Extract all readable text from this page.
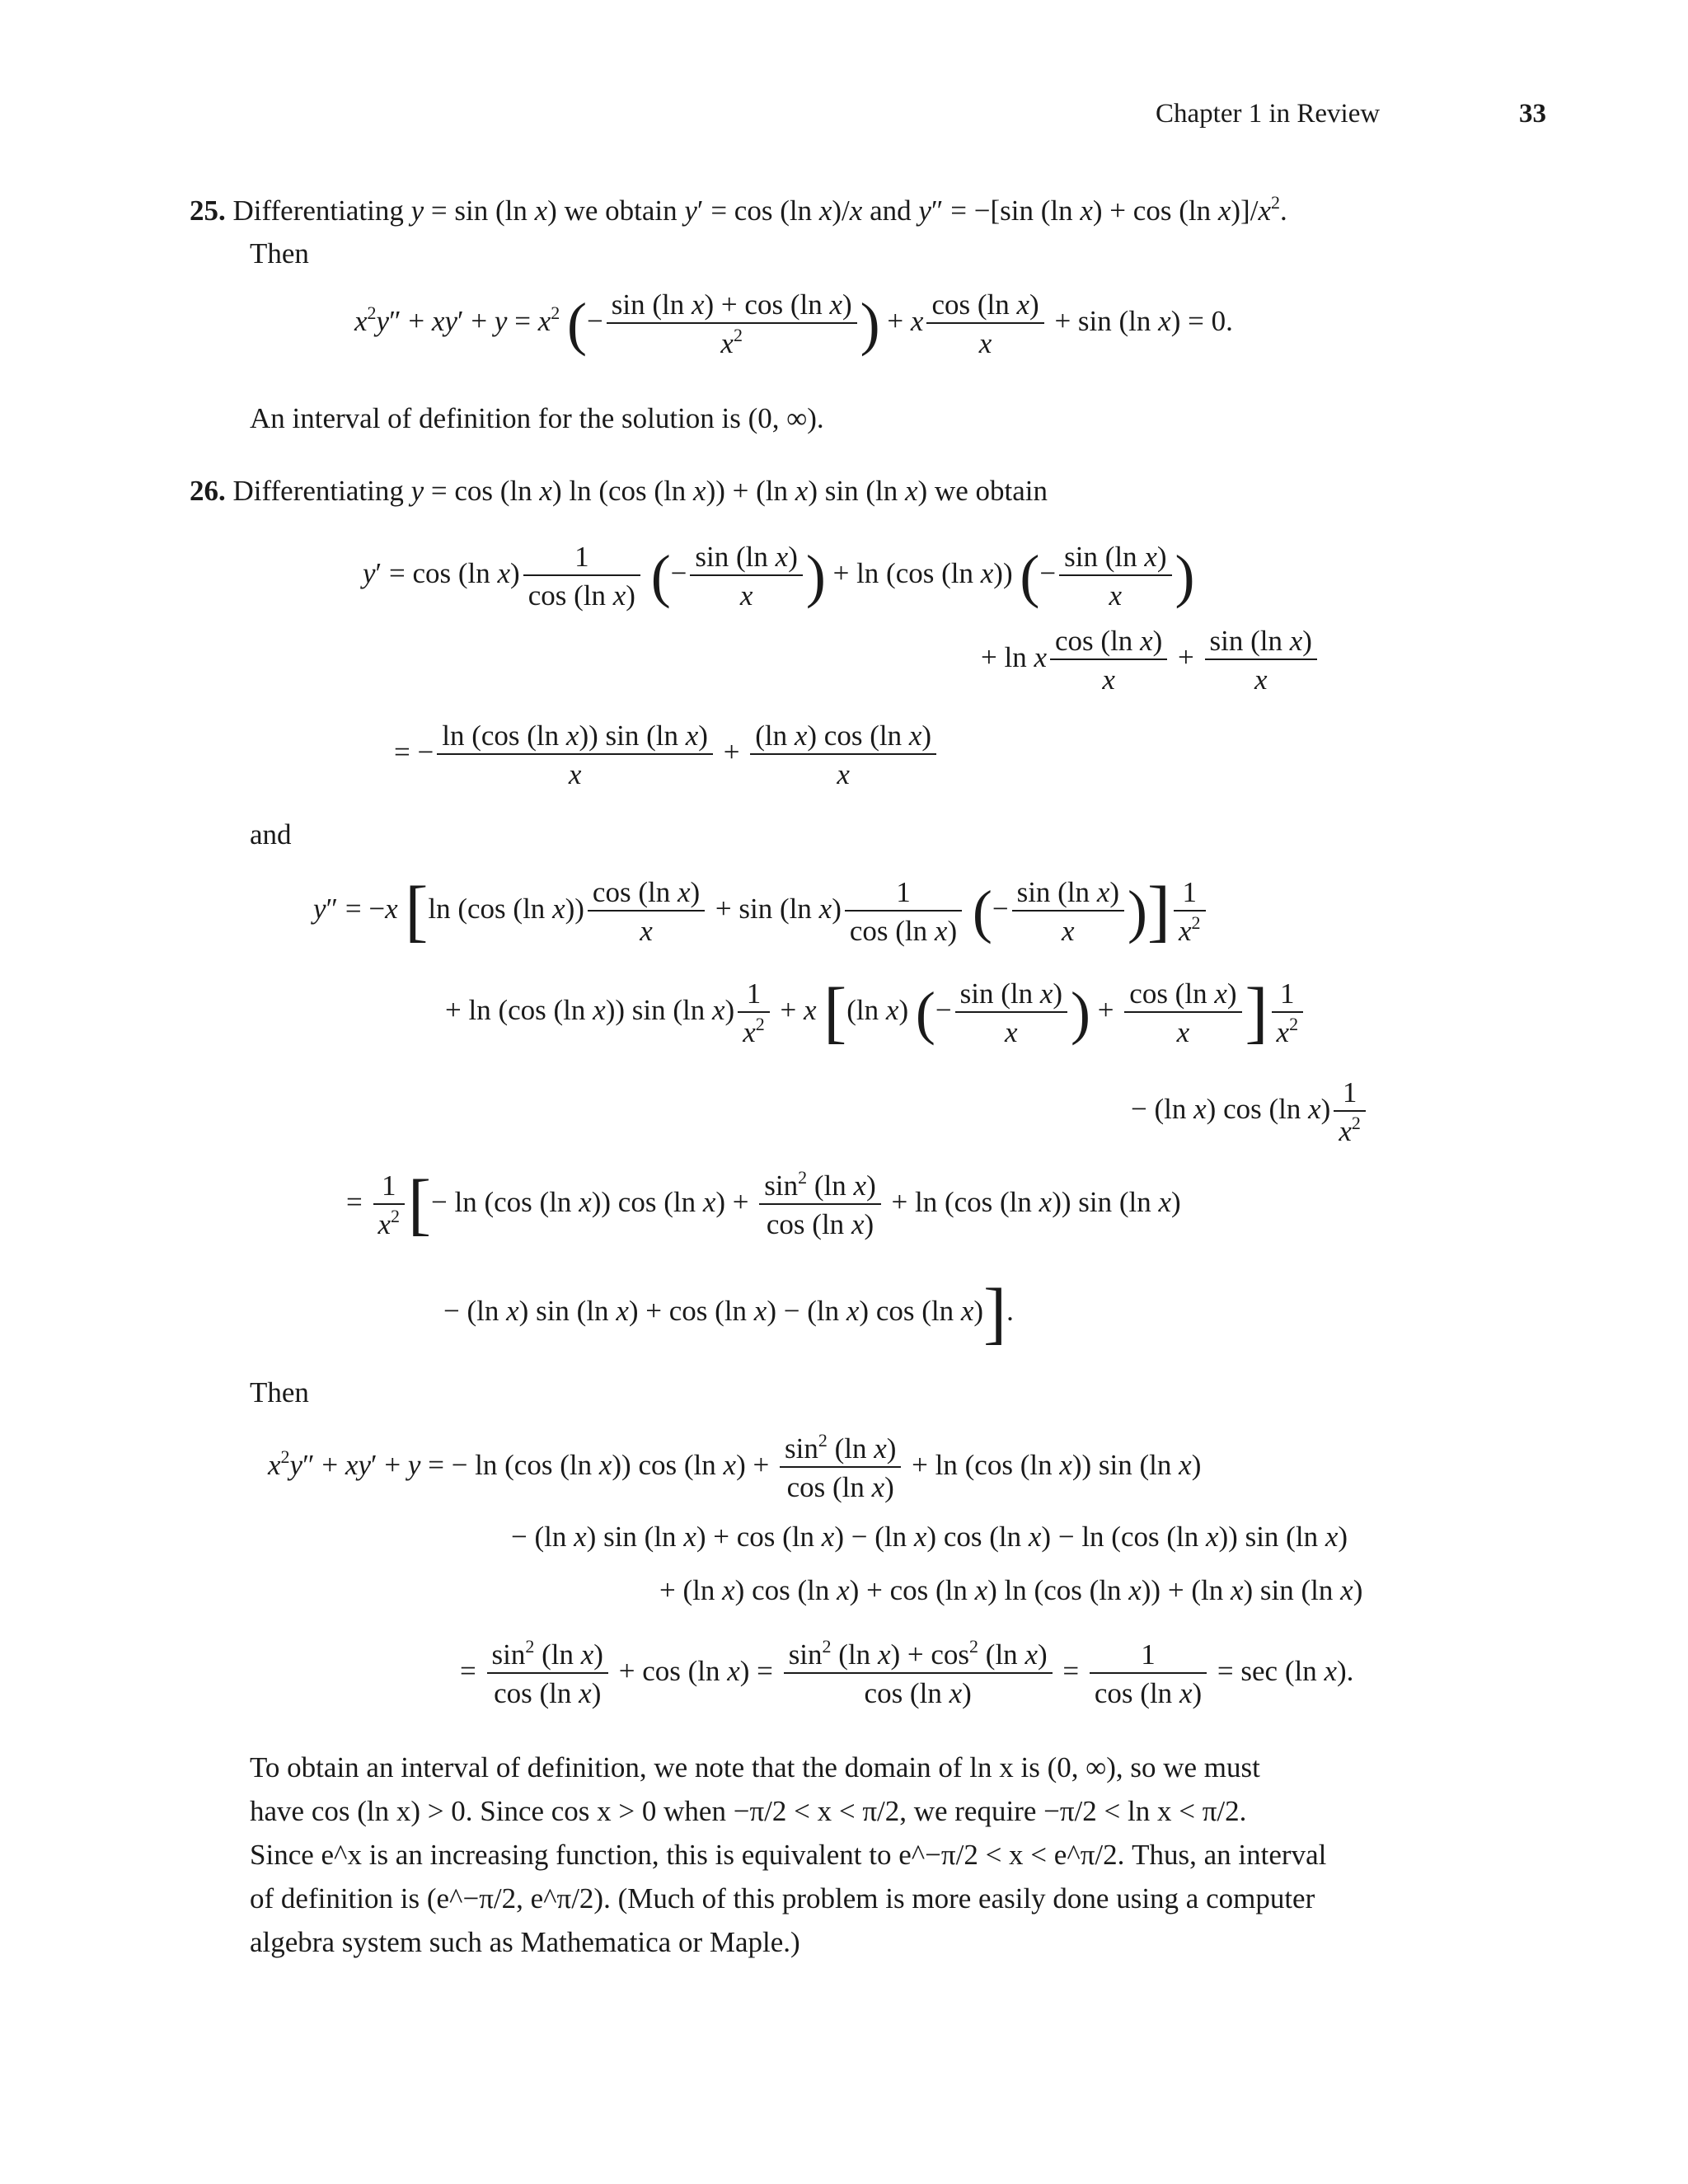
Chapter 1 in Review	33
25. Differentiating y = sin (ln x) we obtain y′ = cos (ln x)/x and y″ = −[sin (ln x) + cos (ln $x)]/x^2$.
Then
$x^2y'' + xy' + y = x^2$ (− $\frac{\text{sin (ln x) + cos (ln x)}}{x^2}$ ) + x $\frac{\text{cos (ln x)}}{x} + \sin (\ln$ x) = 0.
An interval of definition for the solution is (0, ∞).
26. Differentiating y = cos (ln x) ln (cos (ln x)) + (ln x) sin (ln x) we obtain
y′ = cos (ln $x) \frac{1}{\text{cos (ln x)}}$ (− $\frac{\text{sin (ln x)}}{x}$ ) + ln (cos (ln x)) (− $\frac{\text{sin (ln x)}}{x}$ )
+ ln x $\frac{\text{cos (ln x)}}{x} + \frac{\text{sin (ln x)}}{x}$
= − $\frac{\text{ln (cos (ln x)) sin (ln x)}}{x} + \frac{\text{(ln x) cos (ln x)}}{x}$
and
y″ = −x [ln (cos (ln $x)) \frac{\text{cos (ln x)}}{x} + \sin (\ln$ $x) \frac{1}{\text{cos (ln x)}}$ (− $\frac{\text{sin (ln x)}}{x}$ )] $\frac{1}{x^2}$
+ ln (cos (ln x)) sin (ln $x) \frac{1}{x^2} + x$ [(ln x) (− $\frac{\text{sin (ln x)}}{x}$ ) + $\frac{\text{cos (ln x)}}{x}$ ] $\frac{1}{x^2}$
− (ln x) cos (ln $x) \frac{1}{x^2}$
= $\frac{1}{x^2}$ [− ln (cos (ln x)) cos (ln $x) + \frac{\sin^2 (\ln x)}{\text{cos (ln x)}} + \ln (\cos$ (ln x)) sin (ln x)
− (ln x) sin (ln x) + cos (ln x) − (ln x) cos (ln x)].
Then
$x^2y'' + xy' + y$ = − ln (cos (ln x)) cos (ln $x) + \frac{\sin^2 (\ln x)}{\text{cos (ln x)}} + \ln (\cos$ (ln x)) sin (ln x)
− (ln x) sin (ln x) + cos (ln x) − (ln x) cos (ln x) − ln (cos (ln x)) sin (ln x)
+ (ln x) cos (ln x) + cos (ln x) ln (cos (ln x)) + (ln x) sin (ln x)
= $\frac{\sin^2 (\ln x)}{\text{cos (ln x)}} + \cos (\ln$ $x) = \frac{\sin^2 (\ln x) + \cos^2 (\ln x)}{\text{cos (ln x)}} = \frac{1}{\text{cos (ln x)}} = \sec (\ln$ x).
To obtain an interval of definition, we note that the domain of ln x is (0, ∞), so we must
have cos (ln x) > 0. Since cos x > 0 when −π/2 < x < π/2, we require −π/2 < ln x < π/2.
Since e^x is an increasing function, this is equivalent to e^−π/2 < x < e^π/2. Thus, an interval
of definition is (e^−π/2, e^π/2). (Much of this problem is more easily done using a computer
algebra system such as Mathematica or Maple.)
